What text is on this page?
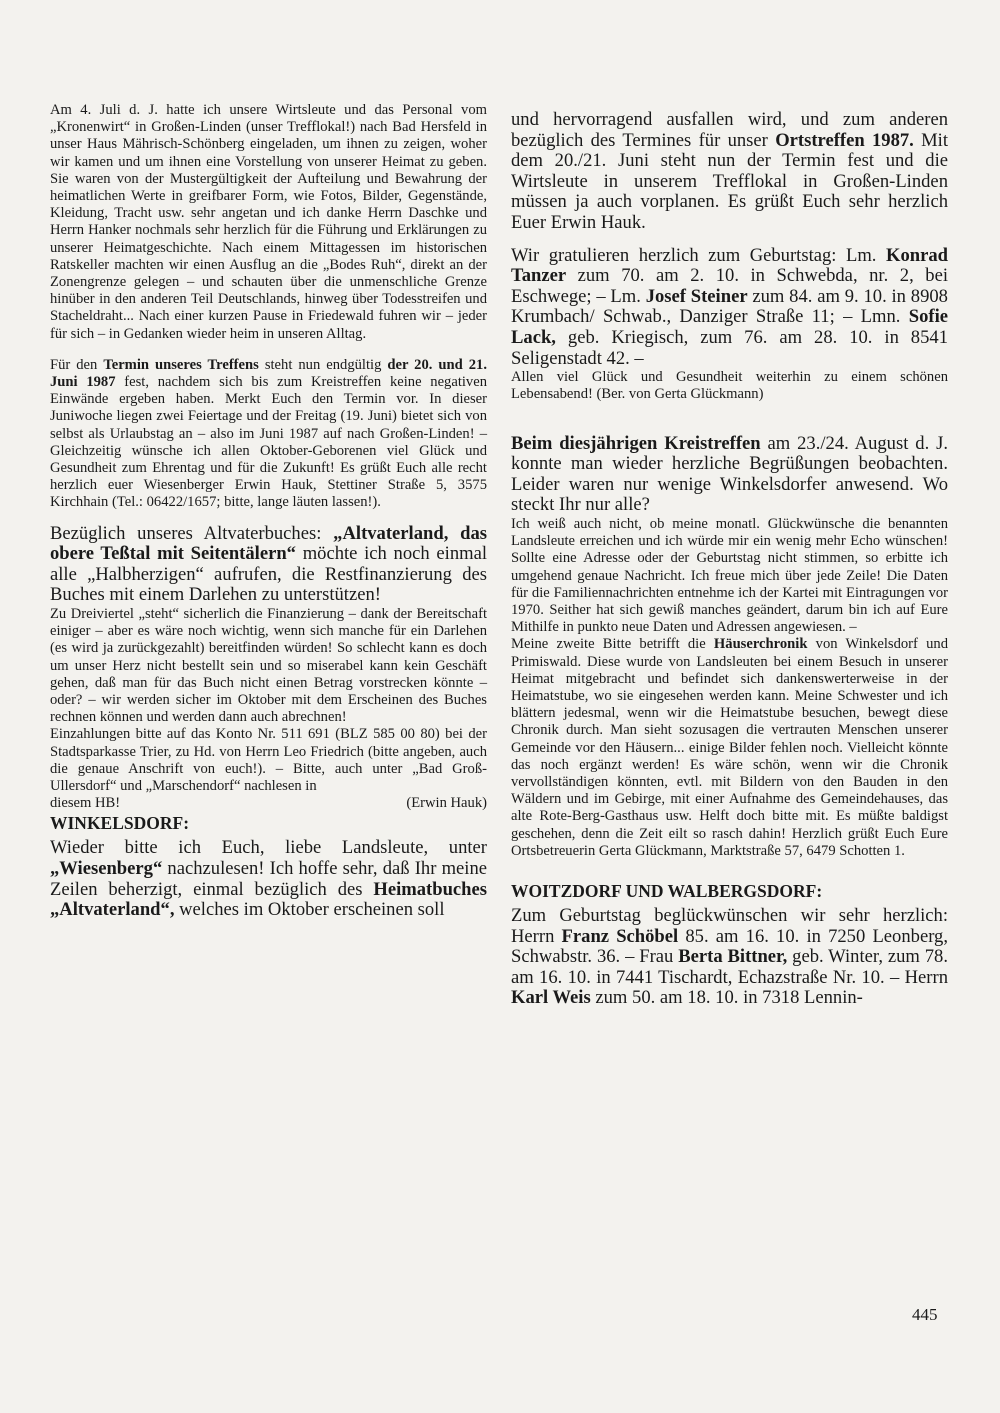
Am 4. Juli d. J. hatte ich unsere Wirtsleute und das Personal vom „Kronenwirt“ in Großen-Linden (unser Trefflokal!) nach Bad Hersfeld in unser Haus Mährisch-Schönberg eingeladen, um ihnen zu zeigen, woher wir kamen und um ihnen eine Vorstellung von unserer Heimat zu geben. Sie waren von der Mustergültigkeit der Aufteilung und Bewahrung der heimatlichen Werte in greifbarer Form, wie Fotos, Bilder, Gegenstände, Kleidung, Tracht usw. sehr angetan und ich danke Herrn Daschke und Herrn Hanker nochmals sehr herzlich für die Führung und Erklärungen zu unserer Heimatgeschichte. Nach einem Mittagessen im historischen Ratskeller machten wir einen Ausflug an die „Bodes Ruh“, direkt an der Zonengrenze gelegen – und schauten über die unmenschliche Grenze hinüber in den anderen Teil Deutschlands, hinweg über Todesstreifen und Stacheldraht... Nach einer kurzen Pause in Friedewald fuhren wir – jeder für sich – in Gedanken wieder heim in unseren Alltag.

Für den Termin unseres Treffens steht nun endgültig der 20. und 21. Juni 1987 fest, nachdem sich bis zum Kreistreffen keine negativen Einwände ergeben haben. Merkt Euch den Termin vor. In dieser Juniwoche liegen zwei Feiertage und der Freitag (19. Juni) bietet sich von selbst als Urlaubstag an – also im Juni 1987 auf nach Großen-Linden! – Gleichzeitig wünsche ich allen Oktober-Geborenen viel Glück und Gesundheit zum Ehrentag und für die Zukunft! Es grüßt Euch alle recht herzlich euer Wiesenberger Erwin Hauk, Stettiner Straße 5, 3575 Kirchhain (Tel.: 06422/1657; bitte, lange läuten lassen!).

Bezüglich unseres Altvaterbuches: „Altvaterland, das obere Teßtal mit Seitentälern“ möchte ich noch einmal alle „Halbherzigen“ aufrufen, die Restfinanzierung des Buches mit einem Darlehen zu unterstützen!

Zu Dreiviertel „steht“ sicherlich die Finanzierung – dank der Bereitschaft einiger – aber es wäre noch wichtig, wenn sich manche für ein Darlehen (es wird ja zurückgezahlt) bereitfinden würden! So schlecht kann es doch um unser Herz nicht bestellt sein und so miserabel kann kein Geschäft gehen, daß man für das Buch nicht einen Betrag vorstrecken könnte – oder? – wir werden sicher im Oktober mit dem Erscheinen des Buches rechnen können und werden dann auch abrechnen!

Einzahlungen bitte auf das Konto Nr. 511 691 (BLZ 585 00 80) bei der Stadtsparkasse Trier, zu Hd. von Herrn Leo Friedrich (bitte angeben, auch die genaue Anschrift von euch!). – Bitte, auch unter „Bad Groß-Ullersdorf“ und „Marschendorf“ nachlesen in

diesem HB!	(Erwin Hauk)
WINKELSDORF:

Wieder bitte ich Euch, liebe Landsleute, unter „Wiesenberg“ nachzulesen! Ich hoffe sehr, daß Ihr meine Zeilen beherzigt, einmal bezüglich des Heimatbuches „Altvaterland“, welches im Oktober erscheinen soll

und hervorragend ausfallen wird, und zum anderen bezüglich des Termines für unser Ortstreffen 1987. Mit dem 20./21. Juni steht nun der Termin fest und die Wirtsleute in unserem Trefflokal in Großen-Linden müssen ja auch vorplanen. Es grüßt Euch sehr herzlich Euer Erwin Hauk.

Wir gratulieren herzlich zum Geburtstag: Lm. Konrad Tanzer zum 70. am 2. 10. in Schwebda, nr. 2, bei Eschwege; – Lm. Josef Steiner zum 84. am 9. 10. in 8908 Krumbach/ Schwab., Danziger Straße 11; – Lmn. Sofie Lack, geb. Kriegisch, zum 76. am 28. 10. in 8541 Seligenstadt 42. –

Allen viel Glück und Gesundheit weiterhin zu einem schönen Lebensabend! (Ber. von Gerta Glückmann)

Beim diesjährigen Kreistreffen am 23./24. August d. J. konnte man wieder herzliche Begrüßungen beobachten. Leider waren nur wenige Winkelsdorfer anwesend. Wo steckt Ihr nur alle?

Ich weiß auch nicht, ob meine monatl. Glückwünsche die benannten Landsleute erreichen und ich würde mir ein wenig mehr Echo wünschen! Sollte eine Adresse oder der Geburtstag nicht stimmen, so erbitte ich umgehend genaue Nachricht. Ich freue mich über jede Zeile! Die Daten für die Familiennachrichten entnehme ich der Kartei mit Eintragungen vor 1970. Seither hat sich gewiß manches geändert, darum bin ich auf Eure Mithilfe in punkto neue Daten und Adressen angewiesen. –

Meine zweite Bitte betrifft die Häuserchronik von Winkelsdorf und Primiswald. Diese wurde von Landsleuten bei einem Besuch in unserer Heimat mitgebracht und befindet sich dankenswerterweise in der Heimatstube, wo sie eingesehen werden kann. Meine Schwester und ich blättern jedesmal, wenn wir die Heimatstube besuchen, bewegt diese Chronik durch. Man sieht sozusagen die vertrauten Menschen unserer Gemeinde vor den Häusern... einige Bilder fehlen noch. Vielleicht könnte das noch ergänzt werden! Es wäre schön, wenn wir die Chronik vervollständigen könnten, evtl. mit Bildern von den Bauden in den Wäldern und im Gebirge, mit einer Aufnahme des Gemeindehauses, das alte Rote-Berg-Gasthaus usw. Helft doch bitte mit. Es müßte baldigst geschehen, denn die Zeit eilt so rasch dahin! Herzlich grüßt Euch Eure Ortsbetreuerin Gerta Glückmann, Marktstraße 57, 6479 Schotten 1.

WOITZDORF UND WALBERGSDORF:

Zum Geburtstag beglückwünschen wir sehr herzlich: Herrn Franz Schöbel 85. am 16. 10. in 7250 Leonberg, Schwabstr. 36. – Frau Berta Bittner, geb. Winter, zum 78. am 16. 10. in 7441 Tischardt, Echazstraße Nr. 10. – Herrn Karl Weis zum 50. am 18. 10. in 7318 Lennin-

445
